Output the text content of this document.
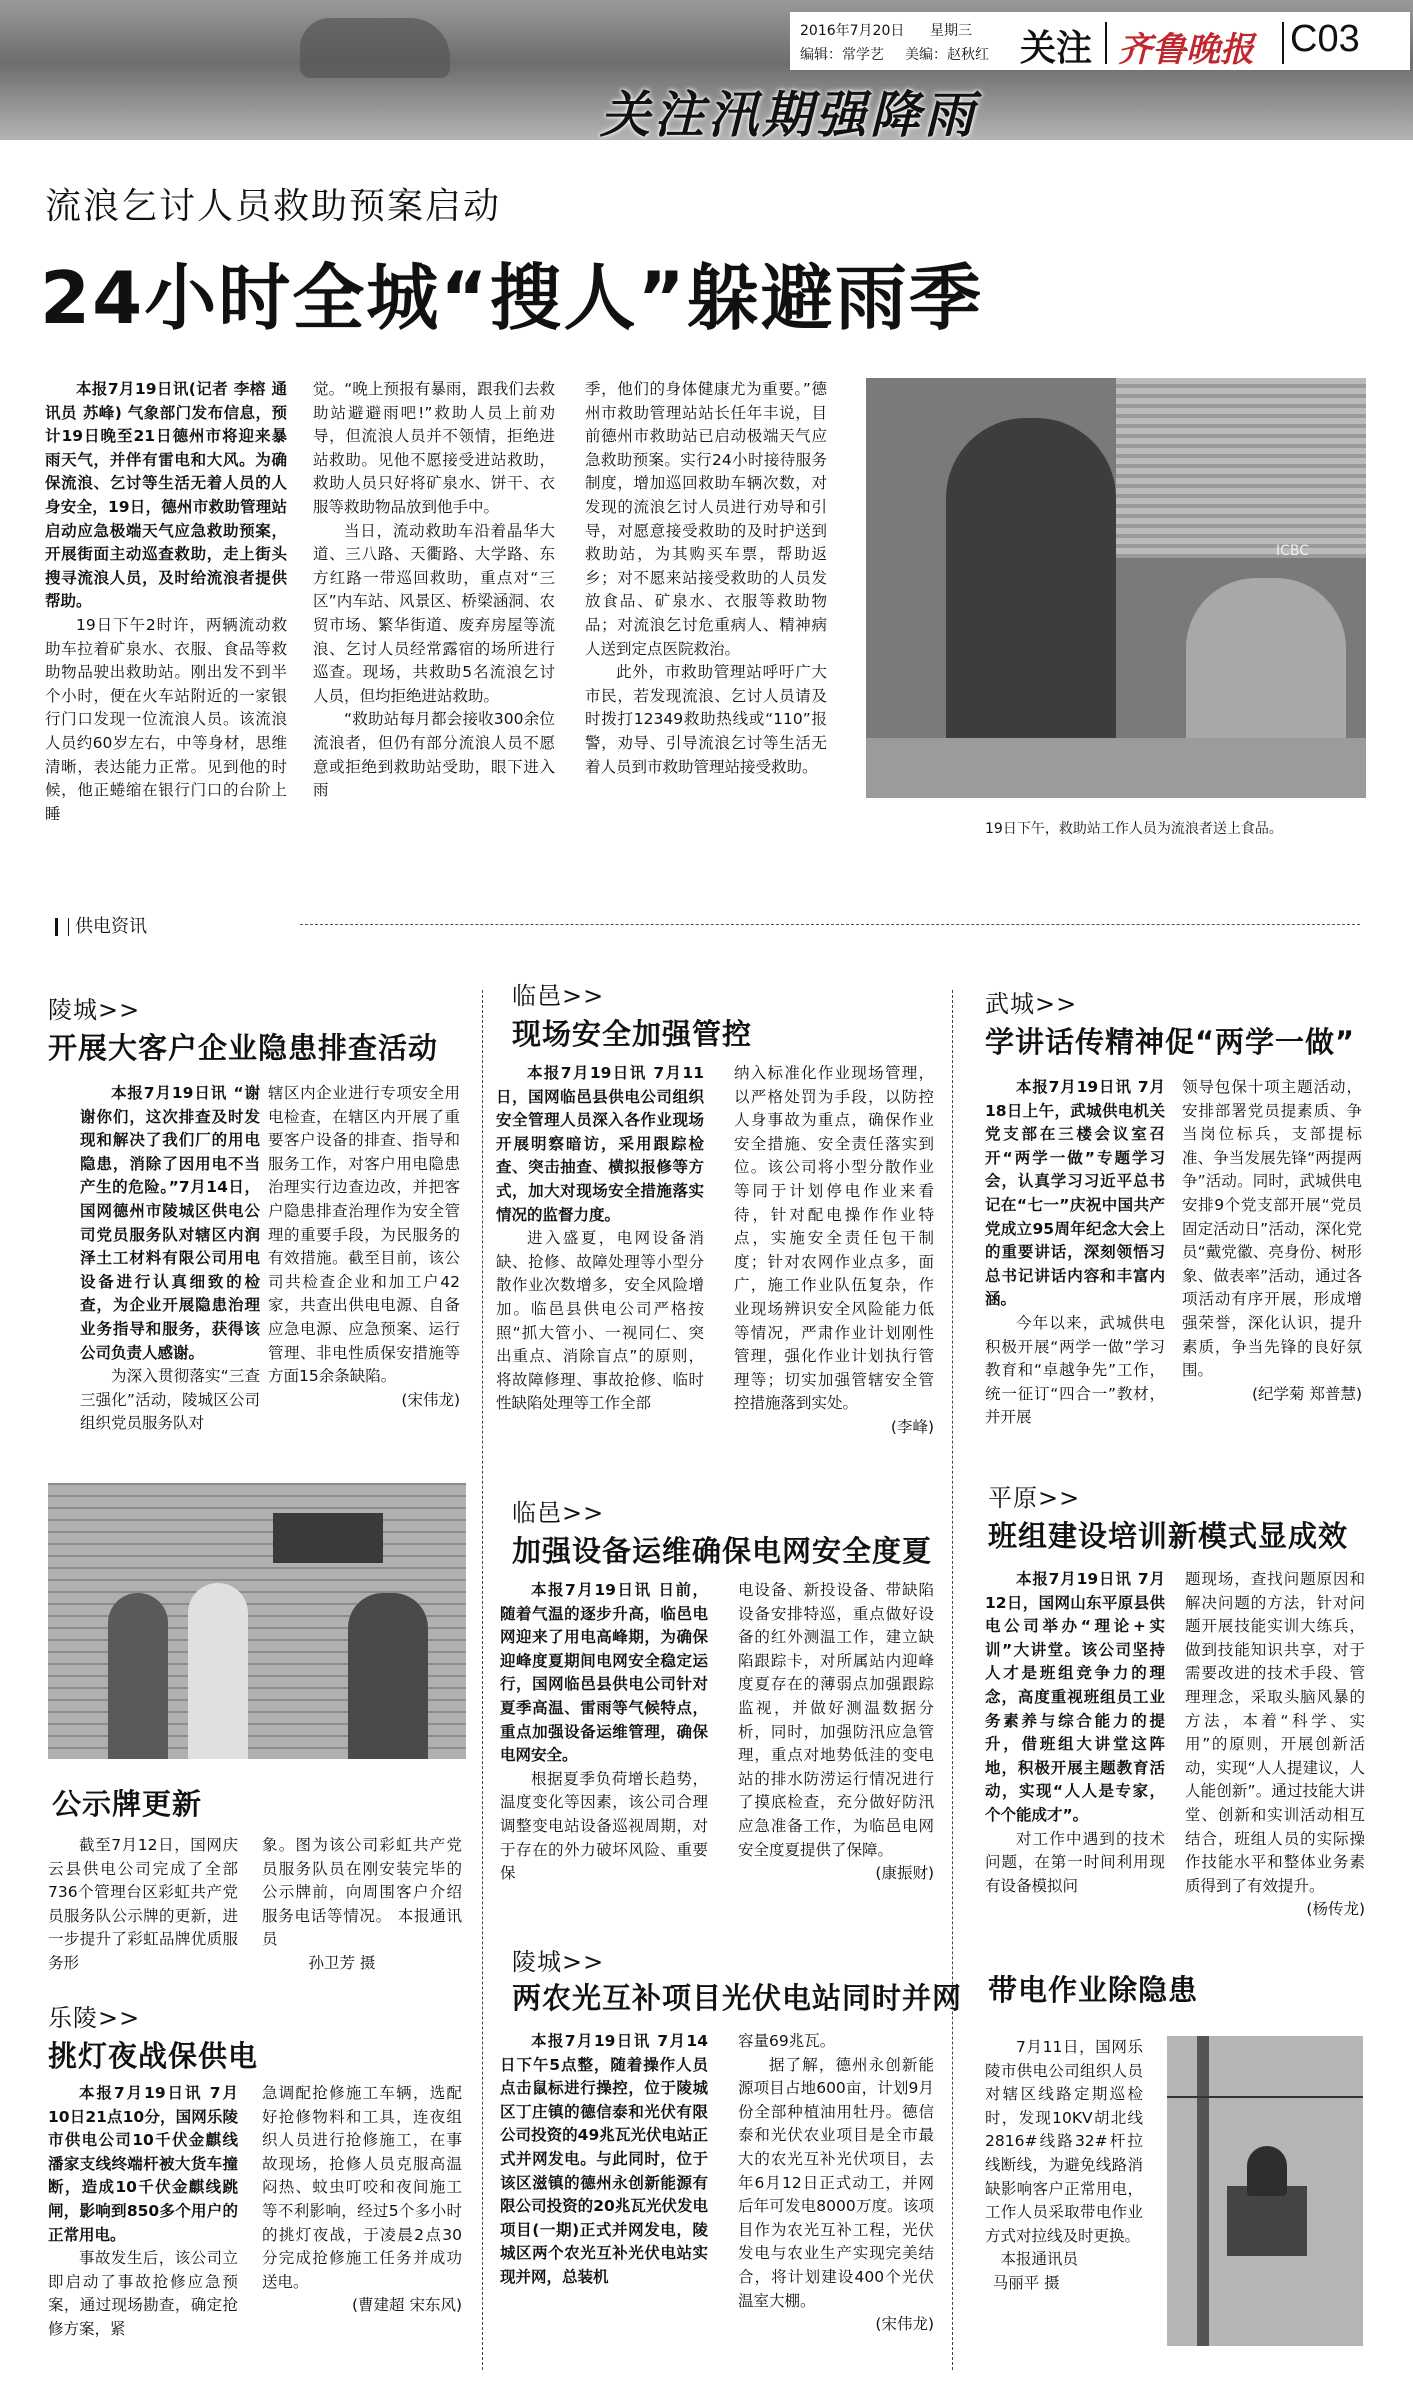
2016年7月20日 星期三
编辑：常学艺 美编：赵秋红 关注 齐鲁晚报 C03
关注汛期强降雨
流浪乞讨人员救助预案启动
24小时全城“搜人”躲避雨季

本报7月19日讯(记者 李榕 通讯员 苏峰) 气象部门发布信息，预计19日晚至21日德州市将迎来暴雨天气，并伴有雷电和大风。为确保流浪、乞讨等生活无着人员的人身安全，19日，德州市救助管理站启动应急极端天气应急救助预案，开展街面主动巡查救助，走上街头搜寻流浪人员，及时给流浪者提供帮助。

19日下午2时许，两辆流动救助车拉着矿泉水、衣服、食品等救助物品驶出救助站。刚出发不到半个小时，便在火车站附近的一家银行门口发现一位流浪人员。该流浪人员约60岁左右，中等身材，思维清晰，表达能力正常。见到他的时候，他正蜷缩在银行门口的台阶上睡

觉。“晚上预报有暴雨，跟我们去救助站避避雨吧!”救助人员上前劝导，但流浪人员并不领情，拒绝进站救助。见他不愿接受进站救助，救助人员只好将矿泉水、饼干、衣服等救助物品放到他手中。

当日，流动救助车沿着晶华大道、三八路、天衢路、大学路、东方红路一带巡回救助，重点对“三区”内车站、风景区、桥梁涵洞、农贸市场、繁华街道、废弃房屋等流浪、乞讨人员经常露宿的场所进行巡查。现场，共救助5名流浪乞讨人员，但均拒绝进站救助。

“救助站每月都会接收300余位流浪者，但仍有部分流浪人员不愿意或拒绝到救助站受助，眼下进入雨

季，他们的身体健康尤为重要。”德州市救助管理站站长任年丰说，目前德州市救助站已启动极端天气应急救助预案。实行24小时接待服务制度，增加巡回救助车辆次数，对发现的流浪乞讨人员进行劝导和引导，对愿意接受救助的及时护送到救助站，为其购买车票，帮助返乡；对不愿来站接受救助的人员发放食品、矿泉水、衣服等救助物品；对流浪乞讨危重病人、精神病人送到定点医院救治。

此外，市救助管理站呼吁广大市民，若发现流浪、乞讨人员请及时拨打12349救助热线或“110”报警，劝导、引导流浪乞讨等生活无着人员到市救助管理站接受救助。

ICBC
19日下午，救助站工作人员为流浪者送上食品。
供电资讯
陵城>>
开展大客户企业隐患排查活动

本报7月19日讯 “谢谢你们，这次排查及时发现和解决了我们厂的用电隐患，消除了因用电不当产生的危险。”7月14日，国网德州市陵城区供电公司党员服务队对辖区内润泽土工材料有限公司用电设备进行认真细致的检查，为企业开展隐患治理业务指导和服务，获得该公司负责人感谢。

为深入贯彻落实“三查三强化”活动，陵城区公司组织党员服务队对

辖区内企业进行专项安全用电检查，在辖区内开展了重要客户设备的排查、指导和服务工作，对客户用电隐患治理实行边查边改，并把客户隐患排查治理作为安全管理的重要手段，为民服务的有效措施。截至目前，该公司共检查企业和加工户42家，共查出供电电源、自备应急电源、应急预案、运行管理、非电性质保安措施等方面15余条缺陷。

(宋伟龙)
临邑>>
现场安全加强管控

本报7月19日讯 7月11日，国网临邑县供电公司组织安全管理人员深入各作业现场开展明察暗访，采用跟踪检查、突击抽查、横拟报修等方式，加大对现场安全措施落实情况的监督力度。

进入盛夏，电网设备消缺、抢修、故障处理等小型分散作业次数增多，安全风险增加。临邑县供电公司严格按照“抓大管小、一视同仁、突出重点、消除盲点”的原则，将故障修理、事故抢修、临时性缺陷处理等工作全部

纳入标准化作业现场管理，以严格处罚为手段，以防控人身事故为重点，确保作业安全措施、安全责任落实到位。该公司将小型分散作业等同于计划停电作业来看待，针对配电操作作业特点，实施安全责任包干制度；针对农网作业点多，面广，施工作业队伍复杂，作业现场辨识安全风险能力低等情况，严肃作业计划刚性管理，强化作业计划执行管理等；切实加强管辖安全管控措施落到实处。

(李峰)
武城>>
学讲话传精神促“两学一做”

本报7月19日讯 7月18日上午，武城供电机关党支部在三楼会议室召开“两学一做”专题学习会，认真学习习近平总书记在“七一”庆祝中国共产党成立95周年纪念大会上的重要讲话，深刻领悟习总书记讲话内容和丰富内涵。

今年以来，武城供电积极开展“两学一做”学习教育和“卓越争先”工作，统一征订“四合一”教材，并开展

领导包保十项主题活动，安排部署党员提素质、争当岗位标兵，支部提标准、争当发展先锋“两提两争”活动。同时，武城供电安排9个党支部开展“党员固定活动日”活动，深化党员“戴党徽、亮身份、树形象、做表率”活动，通过各项活动有序开展，形成增强荣誉，深化认识，提升素质，争当先锋的良好氛围。

(纪学菊 郑普慧)
公示牌更新

截至7月12日，国网庆云县供电公司完成了全部736个管理台区彩虹共产党员服务队公示牌的更新，进一步提升了彩虹品牌优质服务形

象。图为该公司彩虹共产党员服务队员在刚安装完毕的公示牌前，向周围客户介绍服务电话等情况。 本报通讯员

孙卫芳 摄
临邑>>
加强设备运维确保电网安全度夏

本报7月19日讯 日前，随着气温的逐步升高，临邑电网迎来了用电高峰期，为确保迎峰度夏期间电网安全稳定运行，国网临邑县供电公司针对夏季高温、雷雨等气候特点，重点加强设备运维管理，确保电网安全。

根据夏季负荷增长趋势，温度变化等因素，该公司合理调整变电站设备巡视周期，对于存在的外力破坏风险、重要保

电设备、新投设备、带缺陷设备安排特巡，重点做好设备的红外测温工作，建立缺陷跟踪卡，对所属站内迎峰度夏存在的薄弱点加强跟踪监视，并做好测温数据分析，同时，加强防汛应急管理，重点对地势低洼的变电站的排水防涝运行情况进行了摸底检查，充分做好防汛应急准备工作，为临邑电网安全度夏提供了保障。

(康振财)
平原>>
班组建设培训新模式显成效

本报7月19日讯 7月12日，国网山东平原县供电公司举办“理论+实训”大讲堂。该公司坚持人才是班组竞争力的理念，高度重视班组员工业务素养与综合能力的提升，借班组大讲堂这阵地，积极开展主题教育活动，实现“人人是专家，个个能成才”。

对工作中遇到的技术问题，在第一时间利用现有设备模拟问

题现场，查找问题原因和解决问题的方法，针对问题开展技能实训大练兵，做到技能知识共享，对于需要改进的技术手段、管理理念，采取头脑风暴的方法，本着“科学、实用”的原则，开展创新活动，实现“人人提建议，人人能创新”。通过技能大讲堂、创新和实训活动相互结合，班组人员的实际操作技能水平和整体业务素质得到了有效提升。

(杨传龙)
乐陵>>
挑灯夜战保供电

本报7月19日讯 7月10日21点10分，国网乐陵市供电公司10千伏金麒线潘家支线终端杆被大货车撞断，造成10千伏金麒线跳闸，影响到850多个用户的正常用电。

事故发生后，该公司立即启动了事故抢修应急预案，通过现场勘查，确定抢修方案，紧

急调配抢修施工车辆，选配好抢修物料和工具，连夜组织人员进行抢修施工，在事故现场，抢修人员克服高温闷热、蚊虫叮咬和夜间施工等不利影响，经过5个多小时的挑灯夜战，于凌晨2点30分完成抢修施工任务并成功送电。

(曹建超 宋东风)
陵城>>
两农光互补项目光伏电站同时并网

本报7月19日讯 7月14日下午5点整，随着操作人员点击鼠标进行操控，位于陵城区丁庄镇的德信泰和光伏有限公司投资的49兆瓦光伏电站正式并网发电。与此同时，位于该区滋镇的德州永创新能源有限公司投资的20兆瓦光伏发电项目(一期)正式并网发电，陵城区两个农光互补光伏电站实现并网，总装机

容量69兆瓦。

据了解，德州永创新能源项目占地600亩，计划9月份全部种植油用牡丹。德信泰和光伏农业项目是全市最大的农光互补光伏项目，去年6月12日正式动工，并网后年可发电8000万度。该项目作为农光互补工程，光伏发电与农业生产实现完美结合，将计划建设400个光伏温室大棚。

(宋伟龙)
带电作业除隐患

7月11日，国网乐陵市供电公司组织人员对辖区线路定期巡检时，发现10KV胡北线2816#线路32#杆拉线断线，为避免线路消缺影响客户正常用电，工作人员采取带电作业方式对拉线及时更换。

本报通讯员
马丽平 摄
